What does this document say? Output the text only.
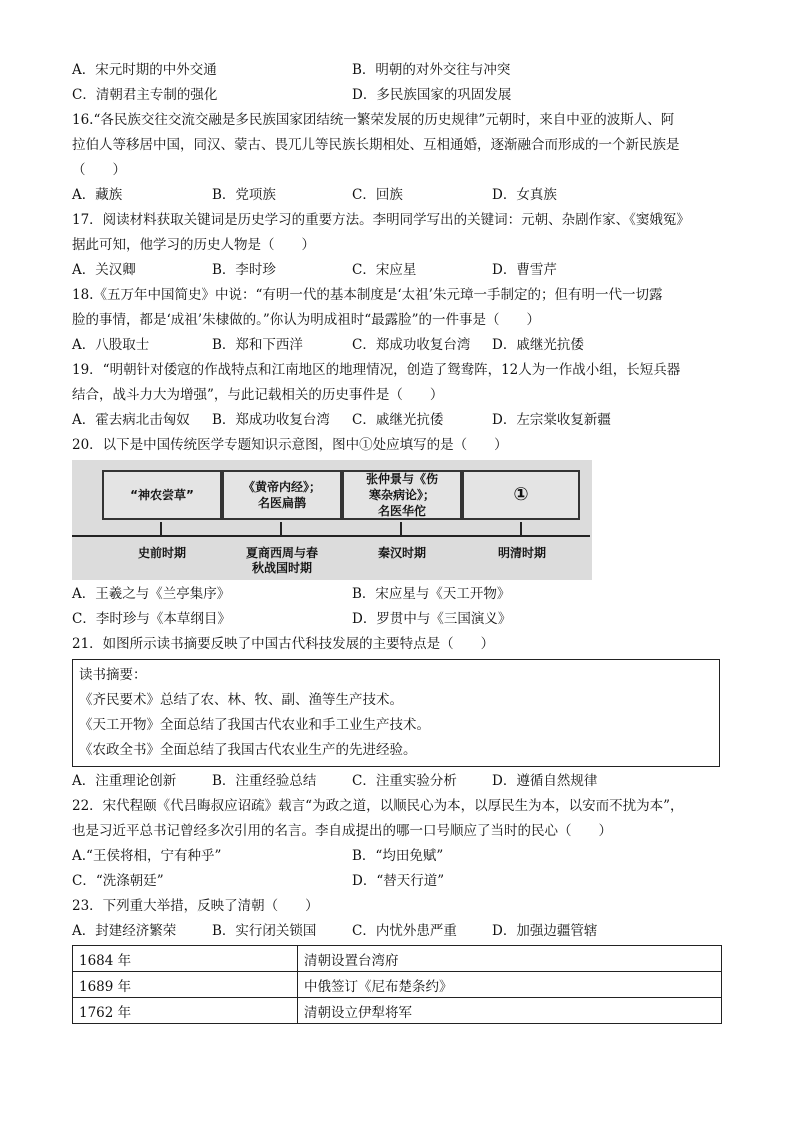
A．宋元时期的中外交通	B．明朝的对外交往与冲突
C．清朝君主专制的强化	D．多民族国家的巩固发展
16.“各民族交往交流交融是多民族国家团结统一繁荣发展的历史规律”元朝时，来自中亚的波斯人、阿
拉伯人等移居中国，同汉、蒙古、畏兀儿等民族长期相处、互相通婚，逐渐融合而形成的一个新民族是
（　　）
A．藏族	B．党项族	C．回族	D．女真族
17．阅读材料获取关键词是历史学习的重要方法。李明同学写出的关键词：元朝、杂剧作家、《窦娥冤》
据此可知，他学习的历史人物是（　　）
A．关汉卿	B．李时珍	C．宋应星	D．曹雪芹
18.《五万年中国简史》中说：“有明一代的基本制度是‘太祖’朱元璋一手制定的；但有明一代一切露
脸的事情，都是‘成祖’朱棣做的。”你认为明成祖时“最露脸”的一件事是（　　）
A．八股取士	B．郑和下西洋	C．郑成功收复台湾 D．戚继光抗倭
19．“明朝针对倭寇的作战特点和江南地区的地理情况，创造了鸳鸯阵，12人为一作战小组，长短兵器
结合，战斗力大为增强”，与此记载相关的历史事件是（　　）
A．霍去病北击匈奴 B．郑成功收复台湾 C．戚继光抗倭	D．左宗棠收复新疆
20．以下是中国传统医学专题知识示意图，图中①处应填写的是（　　）
“神农尝草”
《黄帝内经》；
名医扁鹊
张仲景与《伤
寒杂病论》；
名医华佗
①
史前时期	夏商西周与春
秋战国时期
秦汉时期	明清时期
A．王羲之与《兰亭集序》	B．宋应星与《天工开物》
C．李时珍与《本草纲目》	D．罗贯中与《三国演义》
21．如图所示读书摘要反映了中国古代科技发展的主要特点是（　　）
读书摘要：
《齐民要术》总结了农、林、牧、副、渔等生产技术。
《天工开物》全面总结了我国古代农业和手工业生产技术。
《农政全书》全面总结了我国古代农业生产的先进经验。
A．注重理论创新	B．注重经验总结	C．注重实验分析	D．遵循自然规律
22．宋代程颐《代吕晦叔应诏疏》载言“为政之道，以顺民心为本，以厚民生为本，以安而不扰为本”，
也是习近平总书记曾经多次引用的名言。李自成提出的哪一口号顺应了当时的民心（　　）
A.“王侯将相，宁有种乎”	B．“均田免赋”
C．“洗涤朝廷”	D．“替天行道”
23．下列重大举措，反映了清朝（　　）
A．封建经济繁荣	B．实行闭关锁国	C．内忧外患严重	D．加强边疆管辖
1684 年	清朝设置台湾府
1689 年	中俄签订《尼布楚条约》
1762 年	清朝设立伊犁将军
